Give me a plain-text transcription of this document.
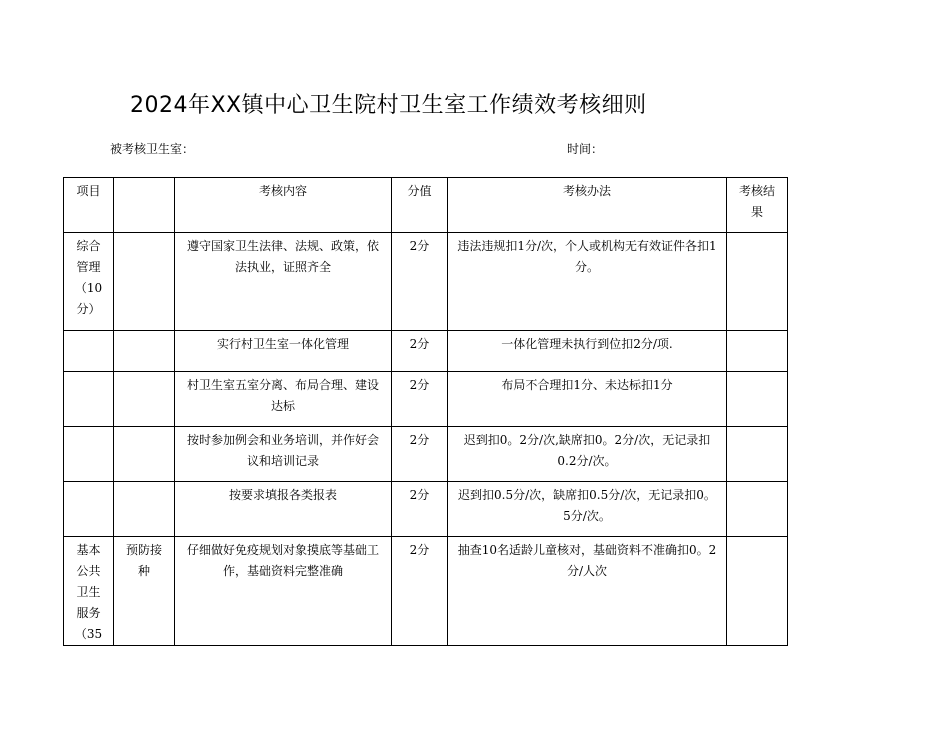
2024年XX镇中心卫生院村卫生室工作绩效考核细则
被考核卫生室：	时间：
项目		考核内容	分值	考核办法	考核结果
综合管理（10分）		遵守国家卫生法律、法规、政策，依法执业，证照齐全	2分	违法违规扣1分/次，个人或机构无有效证件各扣1分。	
		实行村卫生室一体化管理	2分	一体化管理未执行到位扣2分/项.	
		村卫生室五室分离、布局合理、建设达标	2分	布局不合理扣1分、未达标扣1分	
		按时参加例会和业务培训，并作好会议和培训记录	2分	迟到扣0。2分/次,缺席扣0。2分/次，无记录扣0.2分/次。	
		按要求填报各类报表	2分	迟到扣0.5分/次，缺席扣0.5分/次，无记录扣0。5分/次。	
基本公共卫生服务（35	预防接种	仔细做好免疫规划对象摸底等基础工作，基础资料完整准确	2分	抽查10名适龄儿童核对，基础资料不准确扣0。2分/人次	
